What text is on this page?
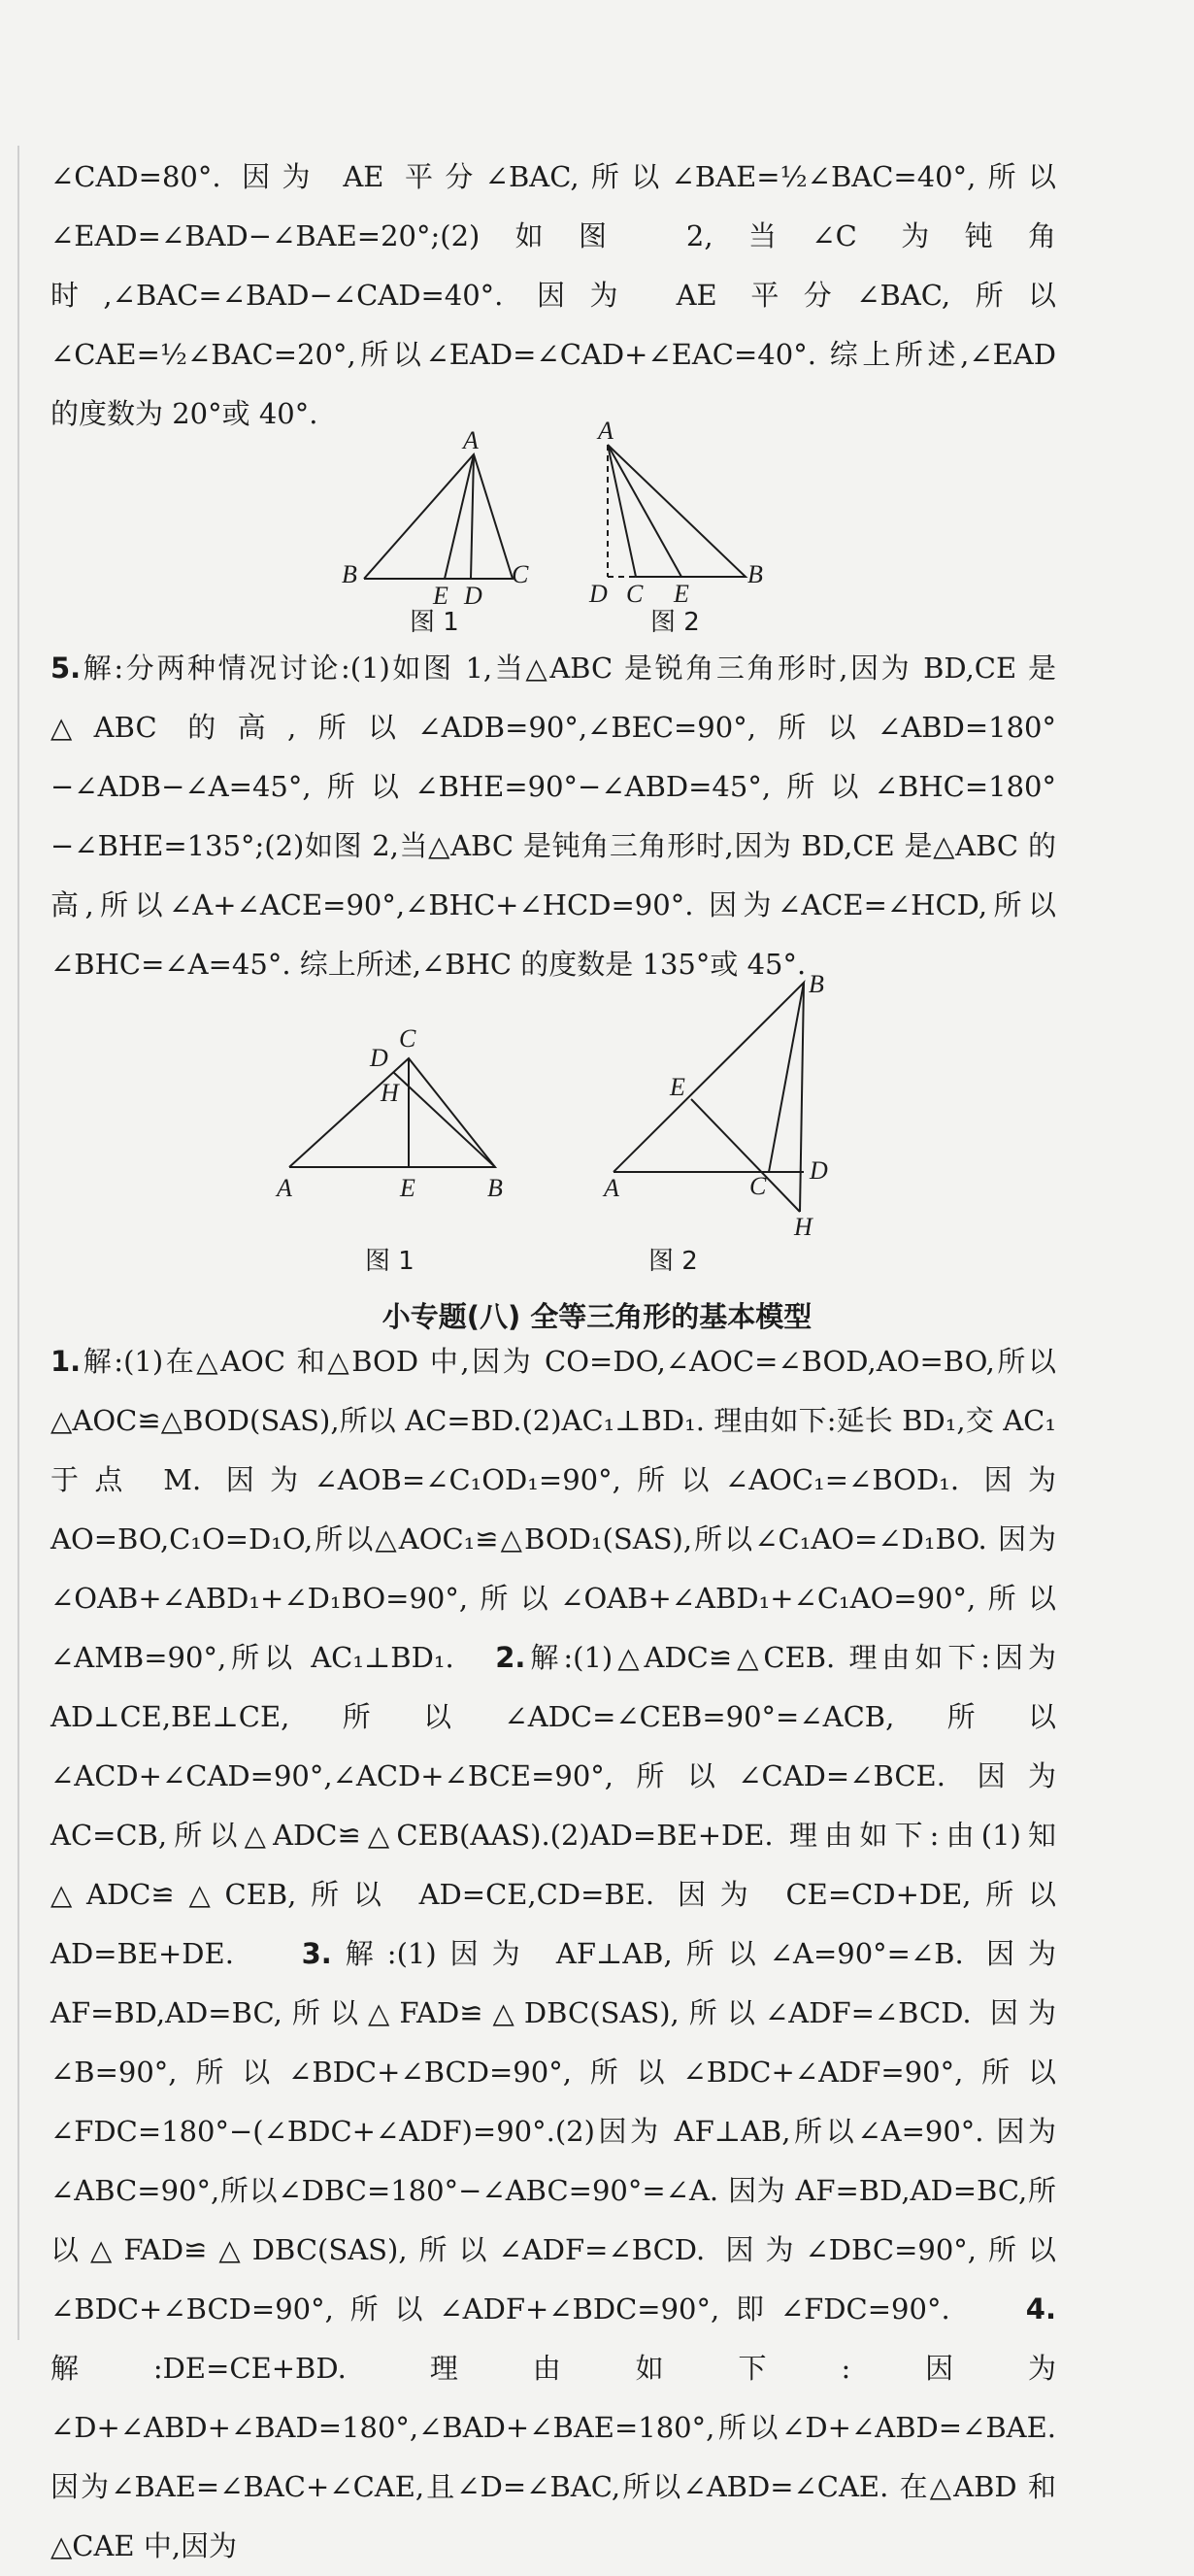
∠CAD=80°. 因为 AE 平分∠BAC,所以∠BAE=½∠BAC=40°,所以∠EAD=∠BAD−∠BAE=20°;(2)如图 2,当∠C 为钝角时,∠BAC=∠BAD−∠CAD=40°. 因为 AE 平分∠BAC,所以∠CAE=½∠BAC=20°,所以∠EAD=∠CAD+∠EAC=40°. 综上所述,∠EAD 的度数为 20°或 40°.

A
B
E D
C
A
D C E
B
C
D
H
A	E	B
B
E
A	C
D
H
图 1	图 2

5.解:分两种情况讨论:(1)如图 1,当△ABC 是锐角三角形时,因为 BD,CE 是△ABC 的高,所以∠ADB=90°,∠BEC=90°,所以∠ABD=180°−∠ADB−∠A=45°,所以∠BHE=90°−∠ABD=45°,所以∠BHC=180°−∠BHE=135°;(2)如图 2,当△ABC 是钝角三角形时,因为 BD,CE 是△ABC 的高,所以∠A+∠ACE=90°,∠BHC+∠HCD=90°. 因为∠ACE=∠HCD,所以∠BHC=∠A=45°. 综上所述,∠BHC 的度数是 135°或 45°.

图 1	图 2
小专题(八) 全等三角形的基本模型

1.解:(1)在△AOC 和△BOD 中,因为 CO=DO,∠AOC=∠BOD,AO=BO,所以△AOC≌△BOD(SAS),所以 AC=BD.(2)AC₁⊥BD₁. 理由如下:延长 BD₁,交 AC₁ 于点 M. 因为∠AOB=∠C₁OD₁=90°,所以∠AOC₁=∠BOD₁. 因为 AO=BO,C₁O=D₁O,所以△AOC₁≌△BOD₁(SAS),所以∠C₁AO=∠D₁BO. 因为∠OAB+∠ABD₁+∠D₁BO=90°,所以∠OAB+∠ABD₁+∠C₁AO=90°,所以∠AMB=90°,所以 AC₁⊥BD₁. 2.解:(1)△ADC≌△CEB. 理由如下:因为 AD⊥CE,BE⊥CE,所以∠ADC=∠CEB=90°=∠ACB,所以∠ACD+∠CAD=90°,∠ACD+∠BCE=90°,所以∠CAD=∠BCE. 因为 AC=CB,所以△ADC≌△CEB(AAS).(2)AD=BE+DE. 理由如下:由(1)知△ADC≌△CEB,所以 AD=CE,CD=BE. 因为 CE=CD+DE,所以 AD=BE+DE. 3.解:(1)因为 AF⊥AB,所以∠A=90°=∠B. 因为 AF=BD,AD=BC,所以△FAD≌△DBC(SAS),所以∠ADF=∠BCD. 因为∠B=90°,所以∠BDC+∠BCD=90°,所以∠BDC+∠ADF=90°,所以∠FDC=180°−(∠BDC+∠ADF)=90°.(2)因为 AF⊥AB,所以∠A=90°. 因为∠ABC=90°,所以∠DBC=180°−∠ABC=90°=∠A. 因为 AF=BD,AD=BC,所以△FAD≌△DBC(SAS),所以∠ADF=∠BCD. 因为∠DBC=90°,所以∠BDC+∠BCD=90°,所以∠ADF+∠BDC=90°,即∠FDC=90°.	4.解:DE=CE+BD. 理由如下:因为∠D+∠ABD+∠BAD=180°,∠BAD+∠BAE=180°,所以∠D+∠ABD=∠BAE. 因为∠BAE=∠BAC+∠CAE,且∠D=∠BAC,所以∠ABD=∠CAE. 在△ABD 和△CAE 中,因为
